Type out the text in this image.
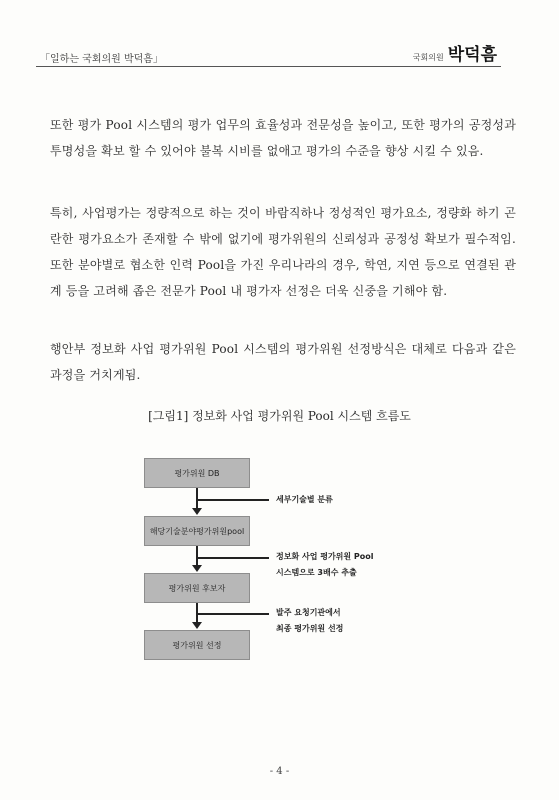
「일하는 국회의원 박덕흠」	국회의원 박덕흠

또한 평가 Pool 시스템의 평가 업무의 효율성과 전문성을 높이고, 또한 평가의 공정성과 투명성을 확보 할 수 있어야 불복 시비를 없애고 평가의 수준을 향상 시킬 수 있음.

특히, 사업평가는 정량적으로 하는 것이 바람직하나 정성적인 평가요소, 정량화 하기 곤란한 평가요소가 존재할 수 밖에 없기에 평가위원의 신뢰성과 공정성 확보가 필수적임. 또한 분야별로 협소한 인력 Pool을 가진 우리나라의 경우, 학연, 지연 등으로 연결된 관계 등을 고려해 좁은 전문가 Pool 내 평가자 선정은 더욱 신중을 기해야 함.

행안부 정보화 사업 평가위원 Pool 시스템의 평가위원 선정방식은 대체로 다음과 같은 과정을 거치게됨.

[그림1] 정보화 사업 평가위원 Pool 시스템 흐름도

평가위원 DB
해당기술분야평가위원pool
평가위원 후보자
평가위원 선정
세부기술별 분류
정보화 사업 평가위원 Pool
시스템으로 3배수 추출
발주 요청기관에서
최종 평가위원 선정
- 4 -
